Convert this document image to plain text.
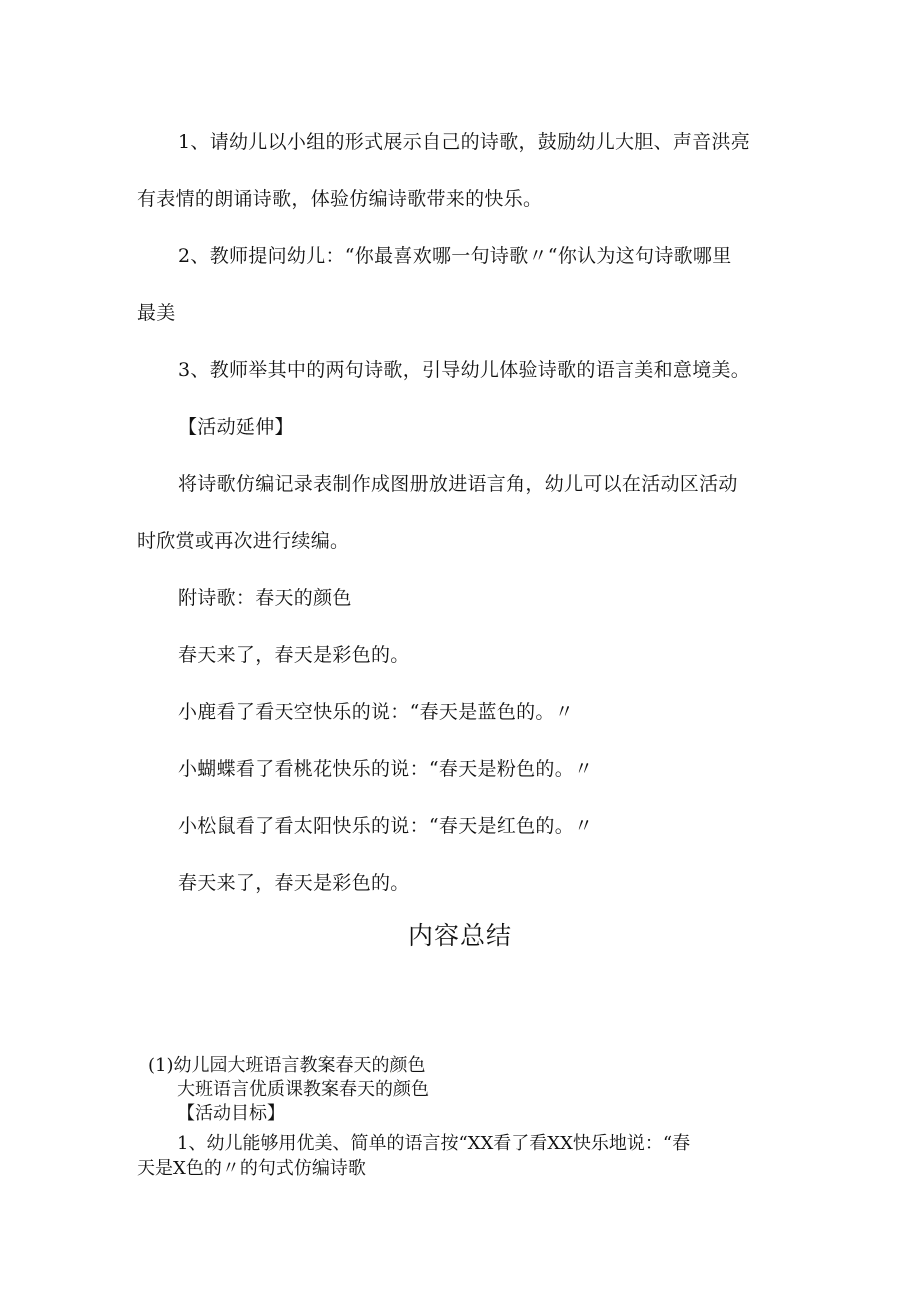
1、请幼儿以小组的形式展示自己的诗歌，鼓励幼儿大胆、声音洪亮
有表情的朗诵诗歌，体验仿编诗歌带来的快乐。
2、教师提问幼儿：“你最喜欢哪一句诗歌〃“你认为这句诗歌哪里
最美
3、教师举其中的两句诗歌，引导幼儿体验诗歌的语言美和意境美。
【活动延伸】
将诗歌仿编记录表制作成图册放进语言角，幼儿可以在活动区活动
时欣赏或再次进行续编。
附诗歌：春天的颜色
春天来了，春天是彩色的。
小鹿看了看天空快乐的说：“春天是蓝色的。〃
小蝴蝶看了看桃花快乐的说：“春天是粉色的。〃
小松鼠看了看太阳快乐的说：“春天是红色的。〃
春天来了，春天是彩色的。
内容总结
(1)幼儿园大班语言教案春天的颜色
大班语言优质课教案春天的颜色
【活动目标】
1、幼儿能够用优美、简单的语言按“XX看了看XX快乐地说：“春
天是X色的〃的句式仿编诗歌
